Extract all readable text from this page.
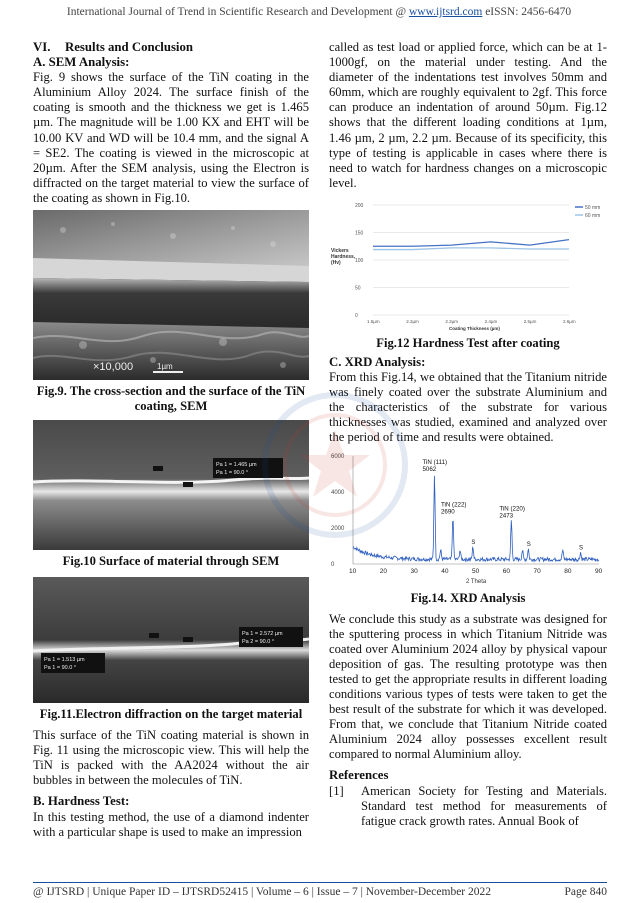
International Journal of Trend in Scientific Research and Development @ www.ijtsrd.com eISSN: 2456-6470
VI. Results and Conclusion
A. SEM Analysis:

Fig. 9 shows the surface of the TiN coating in the Aluminium Alloy 2024. The surface finish of the coating is smooth and the thickness we get is 1.465 µm. The magnitude will be 1.00 KX and EHT will be 10.00 KV and WD will be 10.4 mm, and the signal A = SE2. The coating is viewed in the microscopic at 20µm. After the SEM analysis, using the Electron is diffracted on the target material to view the surface of the coating as shown in Fig.10.

×10,000	1µm
Fig.9. The cross-section and the surface of the TiN coating, SEM
Pa 1 = 1.465 µm
Pa 1 = 90.0 °
Fig.10 Surface of material through SEM
Pa 1 = 1.513 µm
Pa 1 = 90.0 °
Pa 1 = 2.572 µm
Pa 2 = 90.0 °
Fig.11.Electron diffraction on the target material

This surface of the TiN coating material is shown in Fig. 11 using the microscopic view. This will help the TiN is packed with the AA2024 without the air bubbles in between the molecules of TiN.

B. Hardness Test:

In this testing method, the use of a diamond indenter with a particular shape is used to make an impression

called as test load or applied force, which can be at 1-1000gf, on the material under testing. And the diameter of the indentations test involves 50mm and 60mm, which are roughly equivalent to 2gf. This force can produce an indentation of around 50µm. Fig.12 shows that the different loading conditions at 1µm, 1.46 µm, 2 µm, 2.2 µm. Because of its specificity, this type of testing is applicable in cases where there is need to watch for hardness changes on a microscopic level.

0
50
100
150
200
Vickers
Hardness,
(Hv)
1.5µm	2.2µm	2.2µm	2.4µm	2.5µm	2.6µm
Coating Thickness (µm)
50 mm
60 mm
Fig.12 Hardness Test after coating
C. XRD Analysis:

From this Fig.14, we obtained that the Titanium nitride was finely coated over the substrate Aluminium and the characteristics of the substrate for various thicknesses was studied, examined and analyzed over the period of time and results were obtained.

0
2000
4000
6000
10	20	30	40	50	60	70	80	90
2 Theta
TiN (111)
5062
TiN (222)
2690	TiN (220)
2473
S	S
S
Fig.14. XRD Analysis

We conclude this study as a substrate was designed for the sputtering process in which Titanium Nitride was coated over Aluminium 2024 alloy by physical vapour deposition of gas. The resulting prototype was then tested to get the appropriate results in different loading conditions various types of tests were taken to get the best result of the substrate for which it was developed. From that, we conclude that Titanium Nitride coated Aluminium 2024 alloy possesses excellent result compared to normal Aluminium alloy.

References
[1]	American Society for Testing and Materials. Standard test method for measurements of fatigue crack growth rates. Annual Book of
@ IJTSRD | Unique Paper ID – IJTSRD52415 | Volume – 6 | Issue – 7 | November-December 2022	Page 840
